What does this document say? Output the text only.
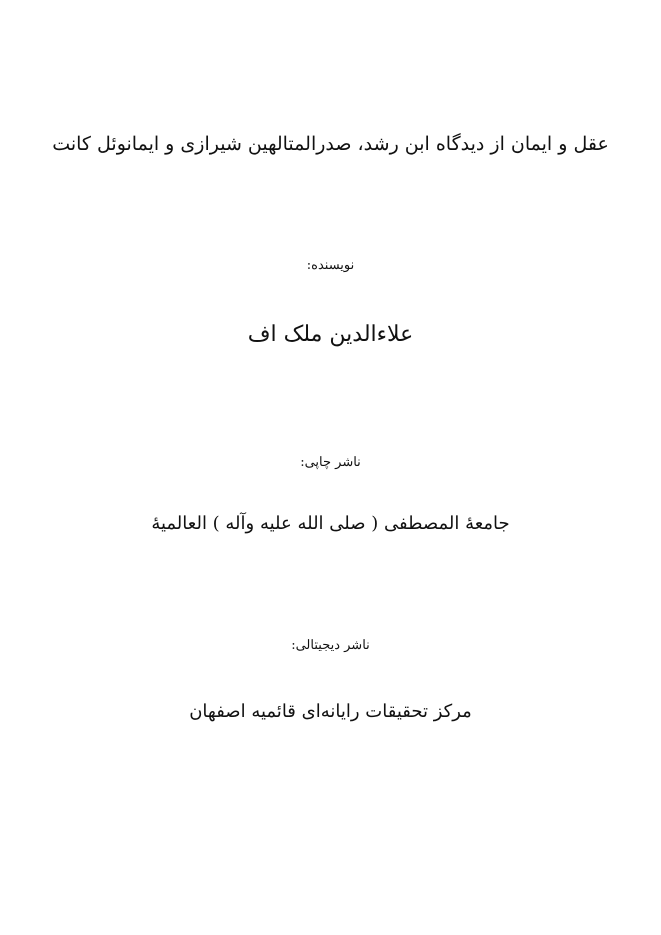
عقل و ایمان از دیدگاه ابن رشد، صدرالمتالهین شیرازی و ایمانوئل کانت
نویسنده:
علاءالدین ملک اف
ناشر چاپی:
جامعهٔ المصطفی ( صلی الله علیه وآله ) العالمیهٔ
ناشر دیجیتالی:
مرکز تحقیقات رایانه‌ای قائمیه اصفهان
